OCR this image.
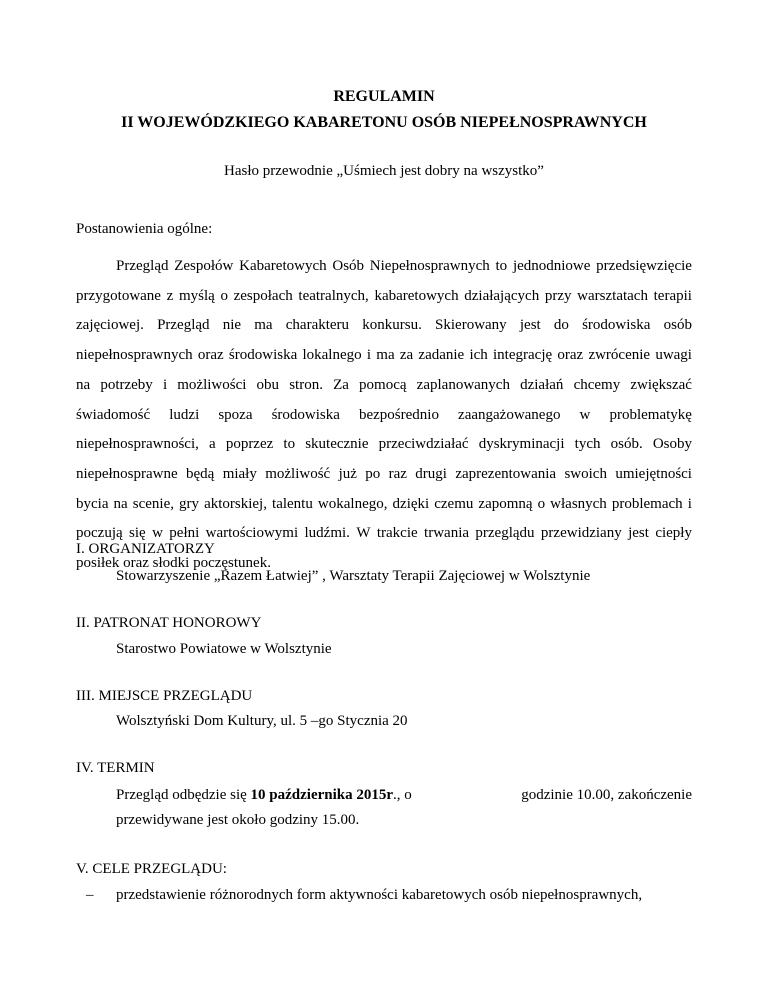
REGULAMIN
II WOJEWÓDZKIEGO KABARETONU OSÓB NIEPEŁNOSPRAWNYCH
Hasło przewodnie „Uśmiech jest dobry na wszystko”
Postanowienia ogólne:
Przegląd Zespołów Kabaretowych Osób Niepełnosprawnych to jednodniowe przedsięwzięcie
przygotowane z myślą o zespołach teatralnych, kabaretowych działających przy warsztatach terapii
zajęciowej. Przegląd nie ma charakteru konkursu. Skierowany jest do środowiska osób
niepełnosprawnych oraz środowiska lokalnego i ma za zadanie ich integrację oraz zwrócenie uwagi
na potrzeby i możliwości obu stron. Za pomocą zaplanowanych działań chcemy zwiększać
świadomość ludzi spoza środowiska bezpośrednio zaangażowanego w problematykę
niepełnosprawności, a poprzez to skutecznie przeciwdziałać dyskryminacji tych osób. Osoby
niepełnosprawne będą miały możliwość już po raz drugi zaprezentowania swoich umiejętności
bycia na scenie, gry aktorskiej, talentu wokalnego, dzięki czemu zapomną o własnych problemach i
poczują się w pełni wartościowymi ludźmi. W trakcie trwania przeglądu przewidziany jest ciepły
posiłek oraz słodki poczęstunek.
I. ORGANIZATORZY
Stowarzyszenie „Razem Łatwiej” , Warsztaty Terapii Zajęciowej w Wolsztynie
II. PATRONAT HONOROWY
Starostwo Powiatowe w Wolsztynie
III. MIEJSCE PRZEGLĄDU
Wolsztyński Dom Kultury, ul. 5 –go Stycznia 20
IV. TERMIN
Przegląd odbędzie się 10 października 2015r., o	godzinie 10.00, zakończenie
przewidywane jest około godziny 15.00.
V. CELE PRZEGLĄDU:
– przedstawienie różnorodnych form aktywności kabaretowych osób niepełnosprawnych,
